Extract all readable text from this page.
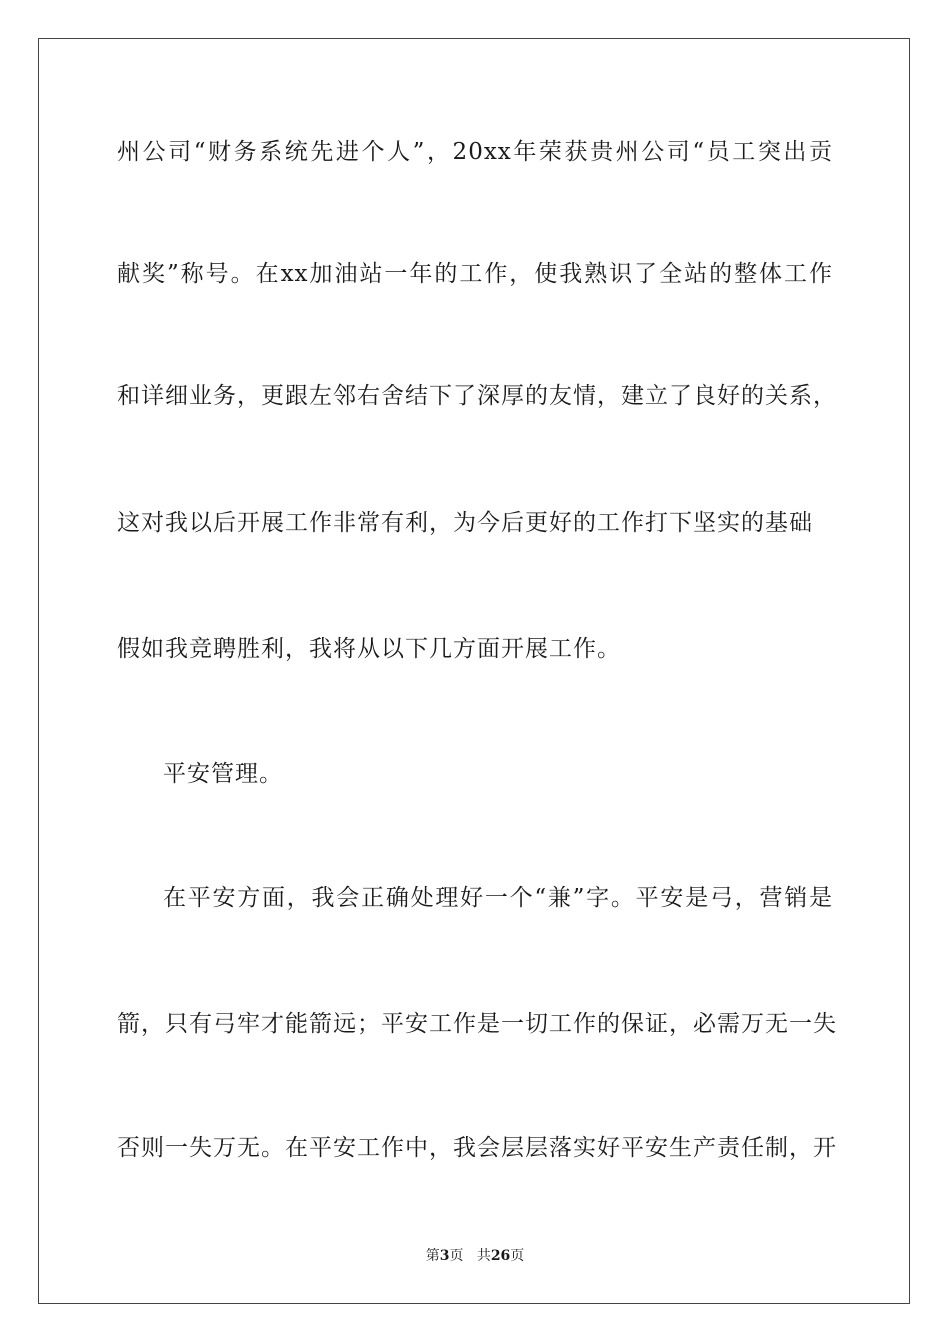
州公司“财务系统先进个人”，20xx年荣获贵州公司“员工突出贡
献奖”称号。在xx加油站一年的工作，使我熟识了全站的整体工作
和详细业务，更跟左邻右舍结下了深厚的友情，建立了良好的关系，
这对我以后开展工作非常有利，为今后更好的工作打下坚实的基础
假如我竞聘胜利，我将从以下几方面开展工作。
平安管理。
在平安方面，我会正确处理好一个“兼”字。平安是弓，营销是
箭，只有弓牢才能箭远；平安工作是一切工作的保证，必需万无一失
否则一失万无。在平安工作中，我会层层落实好平安生产责任制，开
第3页 共26页
